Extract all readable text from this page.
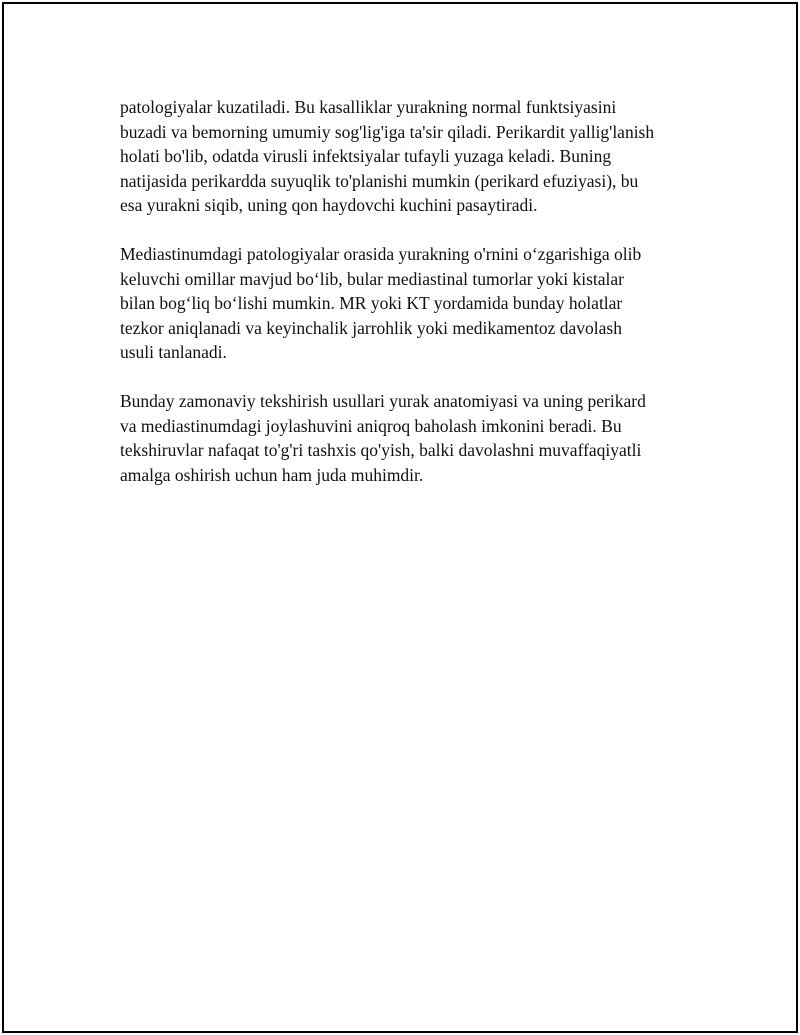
patologiyalar kuzatiladi. Bu kasalliklar yurakning normal funktsiyasini
buzadi va bemorning umumiy sog'lig'iga ta'sir qiladi. Perikardit yallig'lanish
holati bo'lib, odatda virusli infektsiyalar tufayli yuzaga keladi. Buning
natijasida perikardda suyuqlik to'planishi mumkin (perikard efuziyasi), bu
esa yurakni siqib, uning qon haydovchi kuchini pasaytiradi.

Mediastinumdagi patologiyalar orasida yurakning o'rnini o‘zgarishiga olib
keluvchi omillar mavjud bo‘lib, bular mediastinal tumorlar yoki kistalar
bilan bog‘liq bo‘lishi mumkin. MR yoki KT yordamida bunday holatlar
tezkor aniqlanadi va keyinchalik jarrohlik yoki medikamentoz davolash
usuli tanlanadi.

Bunday zamonaviy tekshirish usullari yurak anatomiyasi va uning perikard
va mediastinumdagi joylashuvini aniqroq baholash imkonini beradi. Bu
tekshiruvlar nafaqat to'g'ri tashxis qo'yish, balki davolashni muvaffaqiyatli
amalga oshirish uchun ham juda muhimdir.
